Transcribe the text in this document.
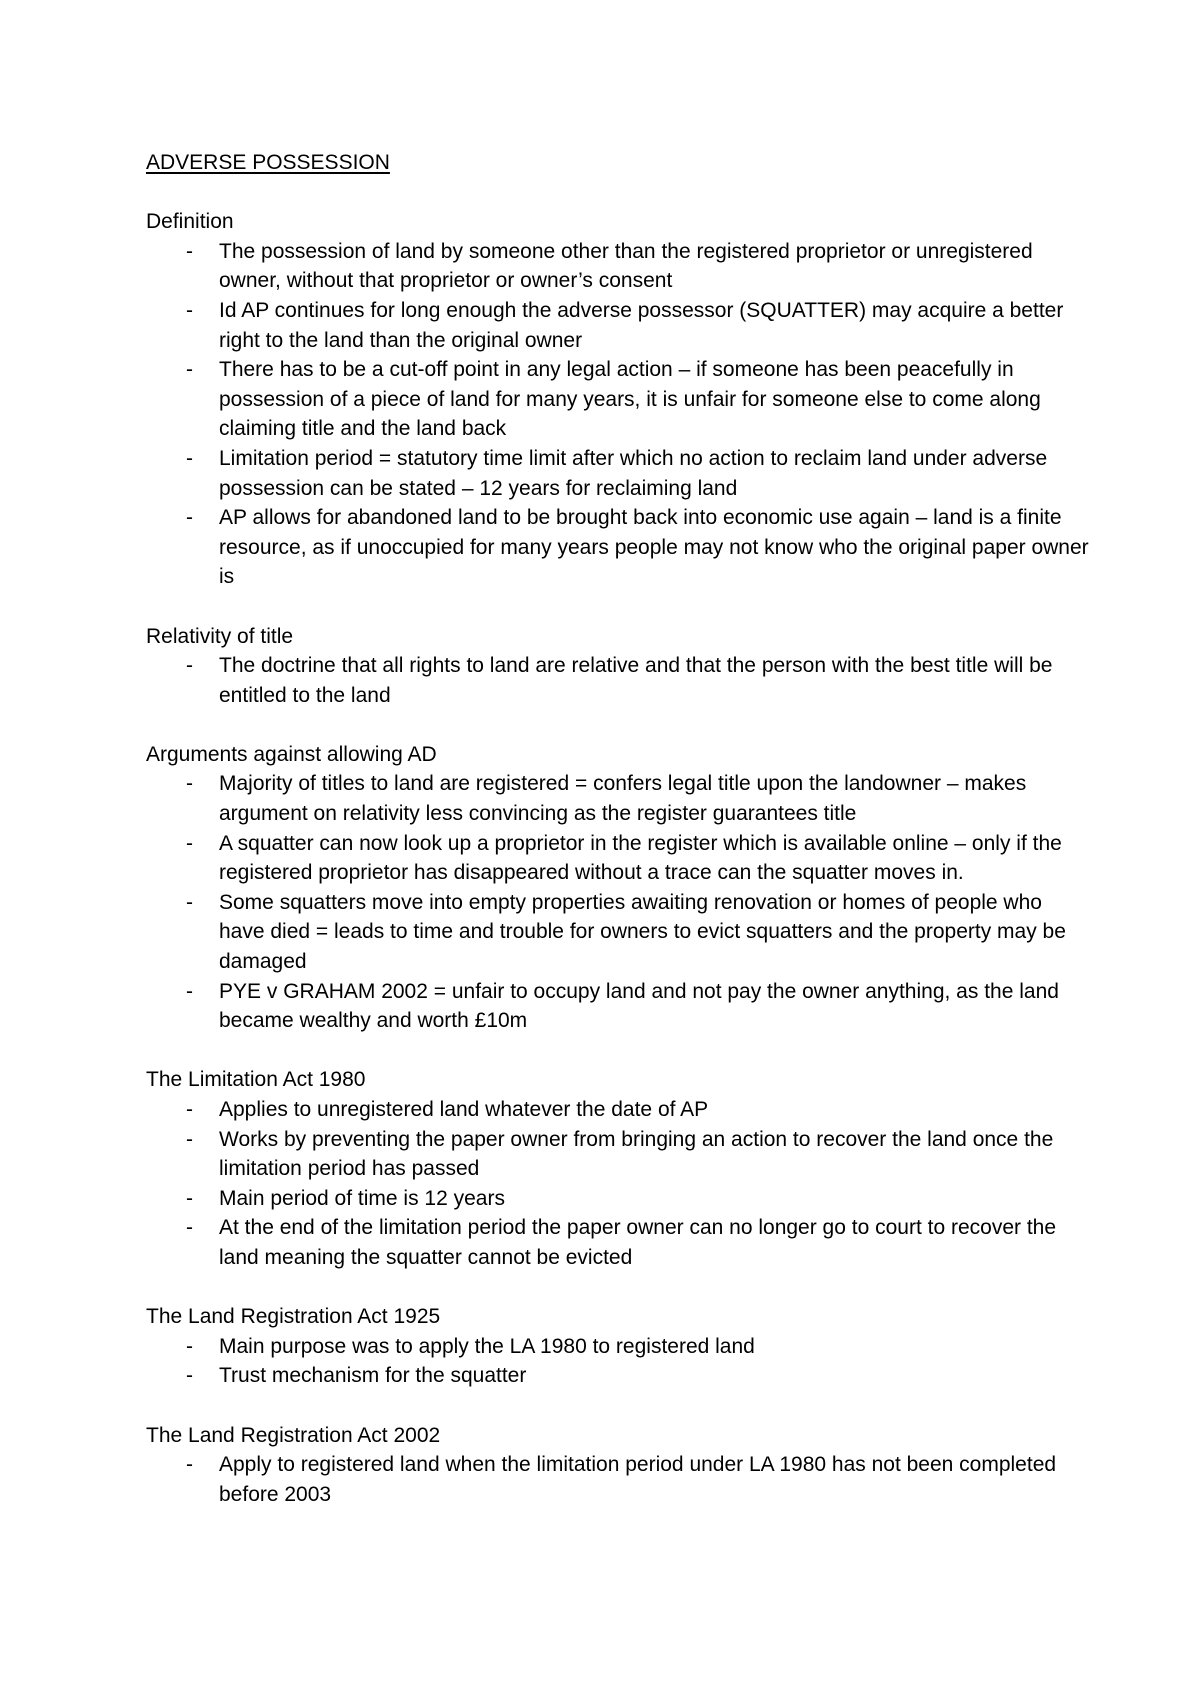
ADVERSE POSSESSION
Definition
- The possession of land by someone other than the registered proprietor or unregistered owner, without that proprietor or owner’s consent
- Id AP continues for long enough the adverse possessor (SQUATTER) may acquire a better right to the land than the original owner
- There has to be a cut-off point in any legal action – if someone has been peacefully in possession of a piece of land for many years, it is unfair for someone else to come along claiming title and the land back
- Limitation period = statutory time limit after which no action to reclaim land under adverse possession can be stated – 12 years for reclaiming land
- AP allows for abandoned land to be brought back into economic use again – land is a finite resource, as if unoccupied for many years people may not know who the original paper owner is
Relativity of title
- The doctrine that all rights to land are relative and that the person with the best title will be entitled to the land
Arguments against allowing AD
- Majority of titles to land are registered = confers legal title upon the landowner – makes argument on relativity less convincing as the register guarantees title
- A squatter can now look up a proprietor in the register which is available online – only if the registered proprietor has disappeared without a trace can the squatter moves in.
- Some squatters move into empty properties awaiting renovation or homes of people who have died = leads to time and trouble for owners to evict squatters and the property may be damaged
- PYE v GRAHAM 2002 = unfair to occupy land and not pay the owner anything, as the land became wealthy and worth £10m
The Limitation Act 1980
- Applies to unregistered land whatever the date of AP
- Works by preventing the paper owner from bringing an action to recover the land once the limitation period has passed
- Main period of time is 12 years
- At the end of the limitation period the paper owner can no longer go to court to recover the land meaning the squatter cannot be evicted
The Land Registration Act 1925
- Main purpose was to apply the LA 1980 to registered land
- Trust mechanism for the squatter
The Land Registration Act 2002
- Apply to registered land when the limitation period under LA 1980 has not been completed before 2003
